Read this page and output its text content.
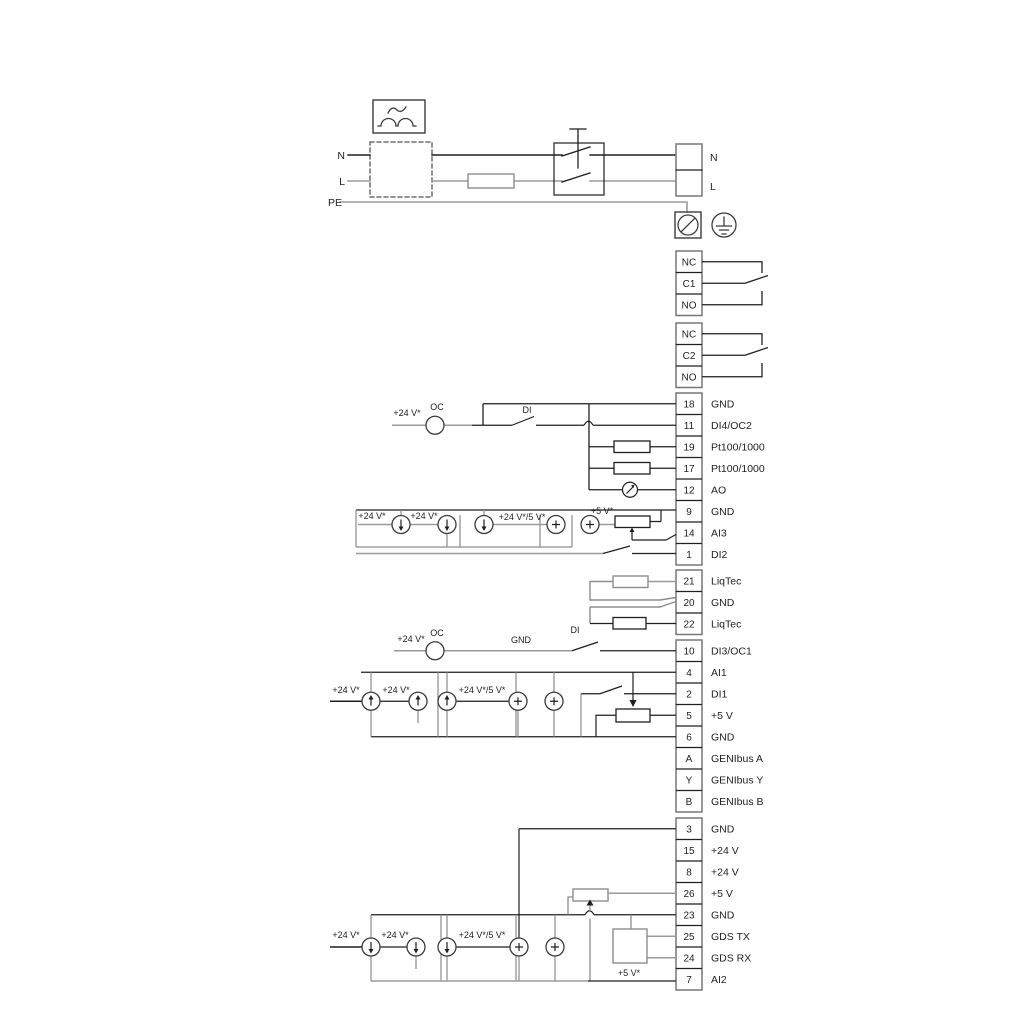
N
L
PE
N
L
NC
C1
NO
NC
C2
NO
18 GND
11 DI4/OC2
19 Pt100/1000
17 Pt100/1000
12 AO
9 GND
14 AI3
1 DI2
21 LiqTec
20 GND
22 LiqTec
10 DI3/OC1
4 AI1
2 DI1
5 +5 V
6 GND
A GENIbus A
Y GENIbus Y
B GENIbus B
3 GND
15 +24 V
8 +24 V
26 +5 V
23 GND
25 GDS TX
24 GDS RX
7 AI2
+24 V*
OC	DI
+24 V*	+24 V*	+24 V*/5 V*
+5 V*
+24 V*
OC
GND
DI
+24 V*	+24 V*	+24 V*/5 V*
+24 V* +24 V*	+24 V*/5 V*
+5 V*
